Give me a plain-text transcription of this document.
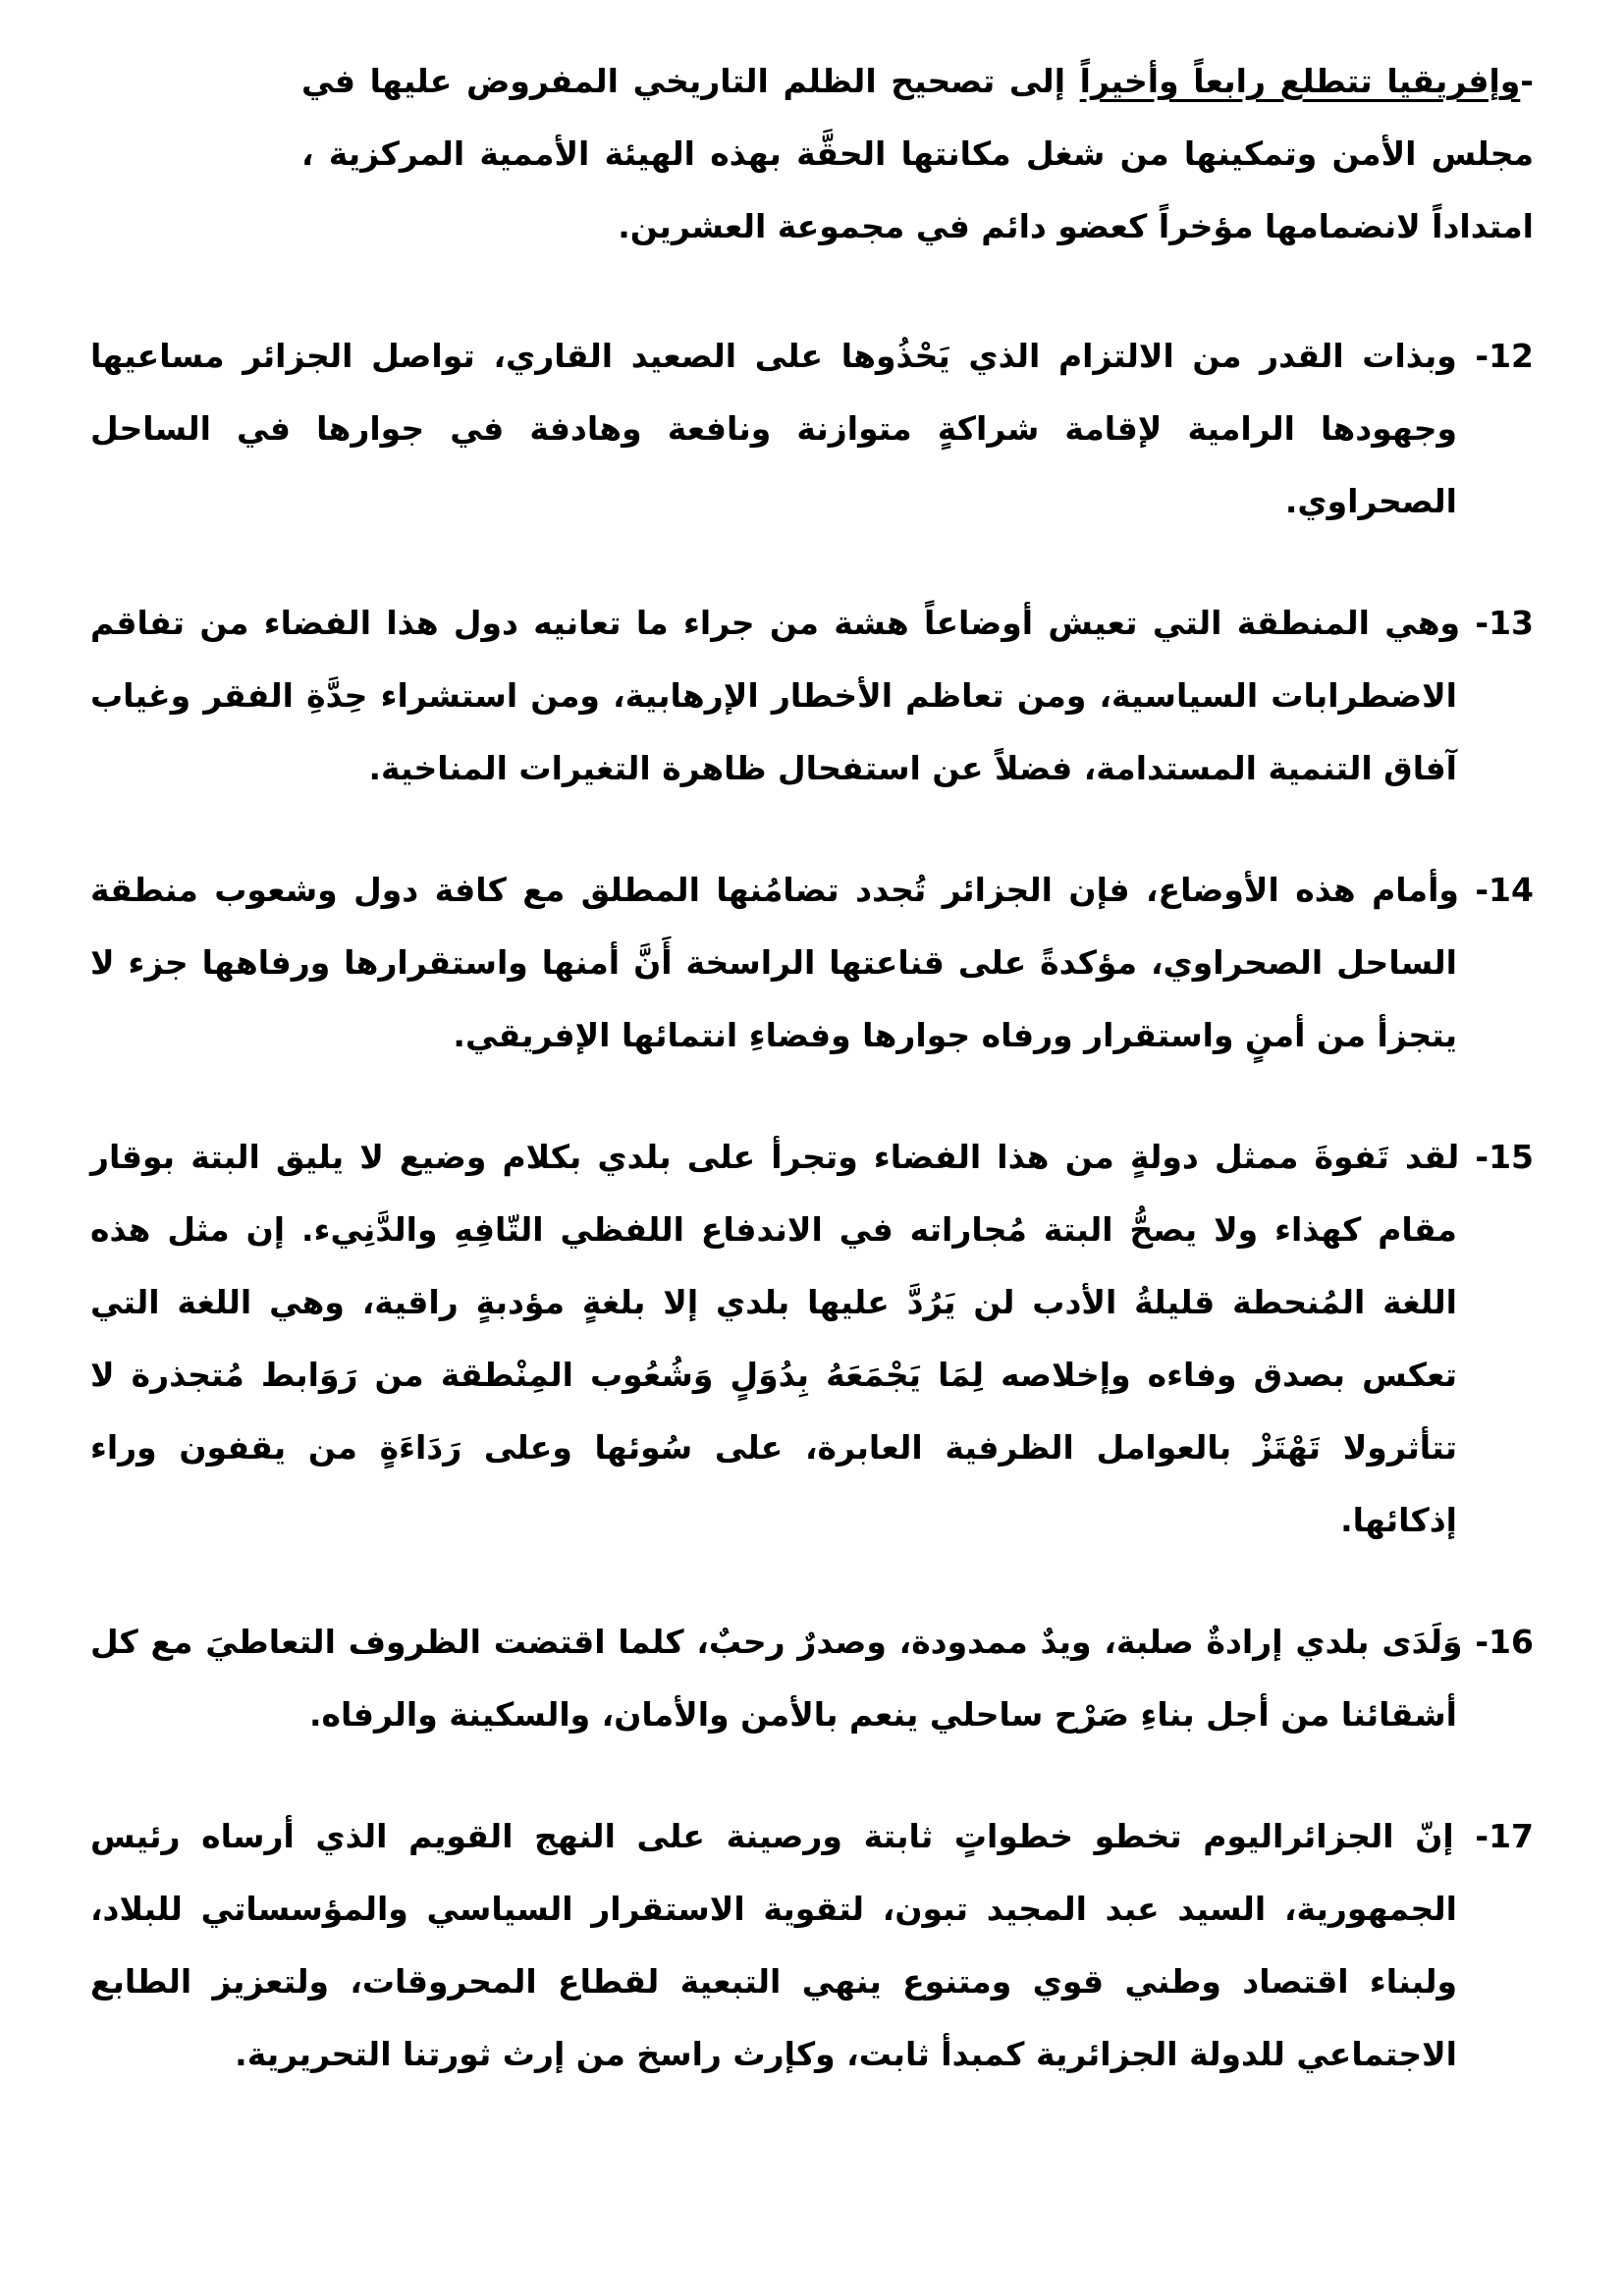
-وإفريقيا تتطلع رابعاً وأخيراً إلى تصحيح الظلم التاريخي المفروض عليها في مجلس الأمن وتمكينها من شغل مكانتها الحقَّة بهذه الهيئة الأممية المركزية ، امتداداً لانضمامها مؤخراً كعضو دائم في مجموعة العشرين.

12- وبذات القدر من الالتزام الذي يَحْذُوها على الصعيد القاري، تواصل الجزائر مساعيها وجهودها الرامية لإقامة شراكةٍ متوازنة ونافعة وهادفة في جوارها في الساحل الصحراوي.

13- وهي المنطقة التي تعيش أوضاعاً هشة من جراء ما تعانيه دول هذا الفضاء من تفاقم الاضطرابات السياسية، ومن تعاظم الأخطار الإرهابية، ومن استشراء حِدَّةِ الفقر وغياب آفاق التنمية المستدامة، فضلاً عن استفحال ظاهرة التغيرات المناخية.

14- وأمام هذه الأوضاع، فإن الجزائر تُجدد تضامُنها المطلق مع كافة دول وشعوب منطقة الساحل الصحراوي، مؤكدةً على قناعتها الراسخة أَنَّ أمنها واستقرارها ورفاهها جزء لا يتجزأ من أمنٍ واستقرار ورفاه جوارها وفضاءِ انتمائها الإفريقي.

15- لقد تَفوةَ ممثل دولةٍ من هذا الفضاء وتجرأ على بلدي بكلام وضيع لا يليق البتة بوقار مقام كهذاء ولا يصحُّ البتة مُجاراته في الاندفاع اللفظي التّافِهِ والدَّنِيء. إن مثل هذه اللغة المُنحطة قليلةُ الأدب لن يَرُدَّ عليها بلدي إلا بلغةٍ مؤدبةٍ راقية، وهي اللغة التي تعكس بصدق وفاءه وإخلاصه لِمَا يَجْمَعَهُ بِدُوَلٍ وَشُعُوب المِنْطقة من رَوَابط مُتجذرة لا تتأثرولا تَهْتَزْ بالعوامل الظرفية العابرة، على سُوئها وعلى رَدَاءَةٍ من يقفون وراء إذكائها.

16- وَلَدَى بلدي إرادةٌ صلبة، ويدٌ ممدودة، وصدرٌ رحبٌ، كلما اقتضت الظروف التعاطيَ مع كل أشقائنا من أجل بناءِ صَرْح ساحلي ينعم بالأمن والأمان، والسكينة والرفاه.

17- إنّ الجزائراليوم تخطو خطواتٍ ثابتة ورصينة على النهج القويم الذي أرساه رئيس الجمهورية، السيد عبد المجيد تبون، لتقوية الاستقرار السياسي والمؤسساتي للبلاد، ولبناء اقتصاد وطني قوي ومتنوع ينهي التبعية لقطاع المحروقات، ولتعزيز الطابع الاجتماعي للدولة الجزائرية كمبدأ ثابت، وكإرث راسخ من إرث ثورتنا التحريرية.
